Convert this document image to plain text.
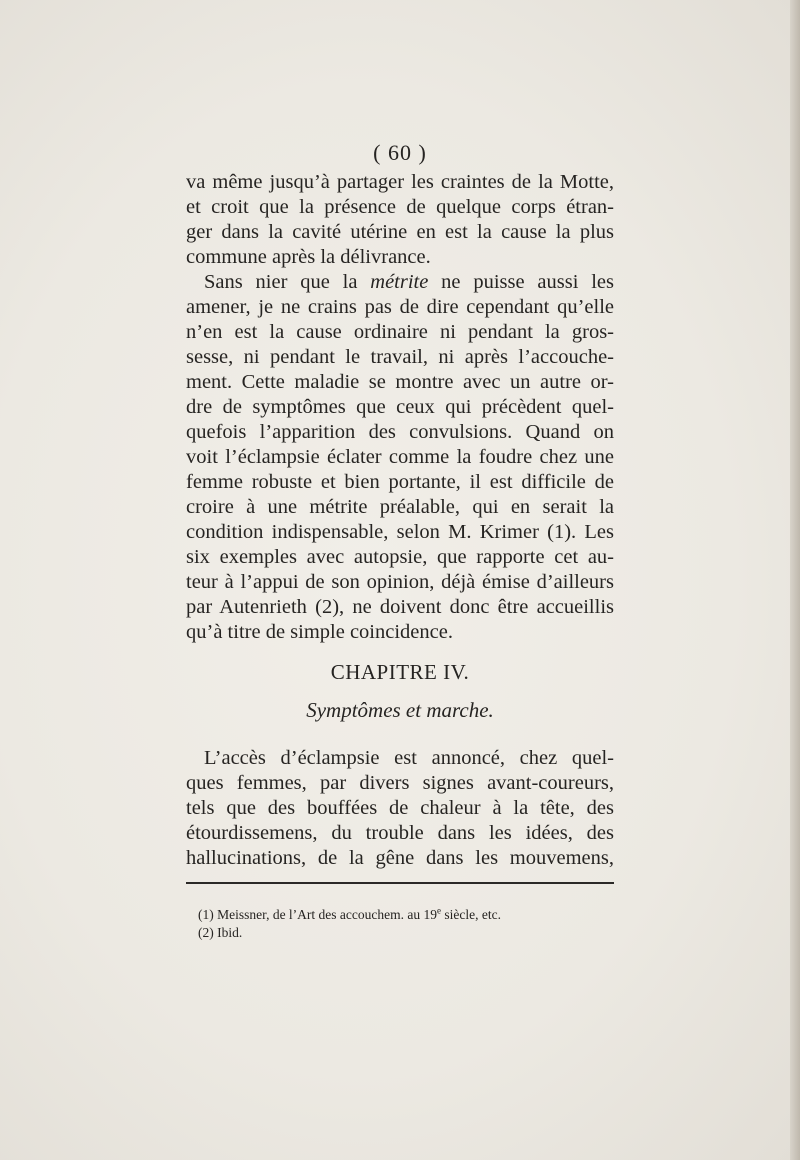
( 60 )
va même jusqu’à partager les craintes de la Motte,
et croit que la présence de quelque corps étran-
ger dans la cavité utérine en est la cause la plus
commune après la délivrance.
Sans nier que la métrite ne puisse aussi les
amener, je ne crains pas de dire cependant qu’elle
n’en est la cause ordinaire ni pendant la gros-
sesse, ni pendant le travail, ni après l’accouche-
ment. Cette maladie se montre avec un autre or-
dre de symptômes que ceux qui précèdent quel-
quefois l’apparition des convulsions. Quand on
voit l’éclampsie éclater comme la foudre chez une
femme robuste et bien portante, il est difficile de
croire à une métrite préalable, qui en serait la
condition indispensable, selon M. Krimer (1). Les
six exemples avec autopsie, que rapporte cet au-
teur à l’appui de son opinion, déjà émise d’ailleurs
par Autenrieth (2), ne doivent donc être accueillis
qu’à titre de simple coincidence.
CHAPITRE IV.
Symptômes et marche.
L’accès d’éclampsie est annoncé, chez quel-
ques femmes, par divers signes avant-coureurs,
tels que des bouffées de chaleur à la tête, des
étourdissemens, du trouble dans les idées, des
hallucinations, de la gêne dans les mouvemens,
(1) Meissner, de l’Art des accouchem. au 19e siècle, etc.
(2) Ibid.
